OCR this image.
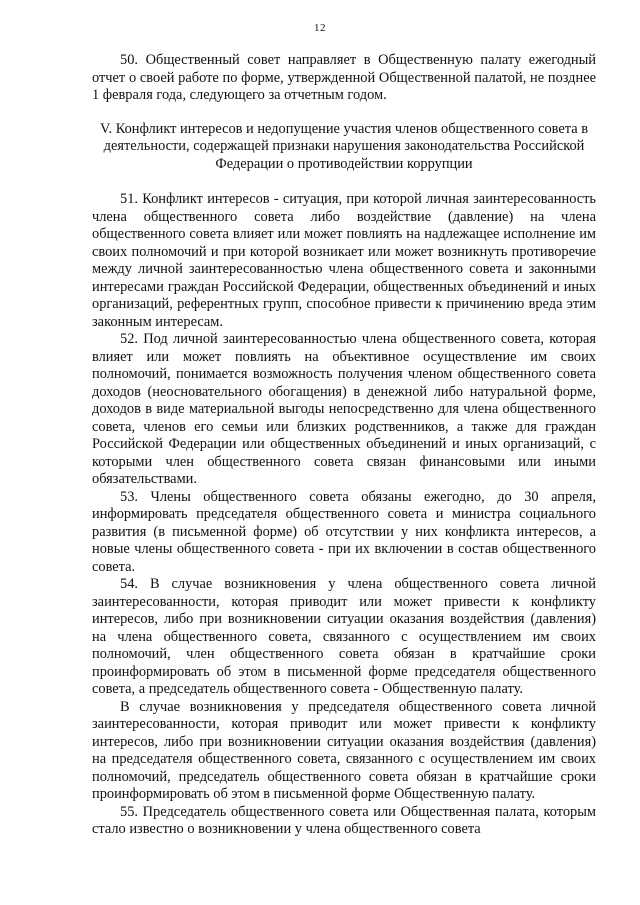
12

50. Общественный совет направляет в Общественную палату ежегодный отчет о своей работе по форме, утвержденной Общественной палатой, не позднее 1 февраля года, следующего за отчетным годом.

V. Конфликт интересов и недопущение участия членов общественного совета в деятельности, содержащей признаки нарушения законодательства Российской Федерации о противодействии коррупции

51. Конфликт интересов - ситуация, при которой личная заинтересованность члена общественного совета либо воздействие (давление) на члена общественного совета влияет или может повлиять на надлежащее исполнение им своих полномочий и при которой возникает или может возникнуть противоречие между личной заинтересованностью члена общественного совета и законными интересами граждан Российской Федерации, общественных объединений и иных организаций, референтных групп, способное привести к причинению вреда этим законным интересам.

52. Под личной заинтересованностью члена общественного совета, которая влияет или может повлиять на объективное осуществление им своих полномочий, понимается возможность получения членом общественного совета доходов (неосновательного обогащения) в денежной либо натуральной форме, доходов в виде материальной выгоды непосредственно для члена общественного совета, членов его семьи или близких родственников, а также для граждан Российской Федерации или общественных объединений и иных организаций, с которыми член общественного совета связан финансовыми или иными обязательствами.

53. Члены общественного совета обязаны ежегодно, до 30 апреля, информировать председателя общественного совета и министра социального развития (в письменной форме) об отсутствии у них конфликта интересов, а новые члены общественного совета - при их включении в состав общественного совета.

54. В случае возникновения у члена общественного совета личной заинтересованности, которая приводит или может привести к конфликту интересов, либо при возникновении ситуации оказания воздействия (давления) на члена общественного совета, связанного с осуществлением им своих полномочий, член общественного совета обязан в кратчайшие сроки проинформировать об этом в письменной форме председателя общественного совета, а председатель общественного совета - Общественную палату.

В случае возникновения у председателя общественного совета личной заинтересованности, которая приводит или может привести к конфликту интересов, либо при возникновении ситуации оказания воздействия (давления) на председателя общественного совета, связанного с осуществлением им своих полномочий, председатель общественного совета обязан в кратчайшие сроки проинформировать об этом в письменной форме Общественную палату.

55. Председатель общественного совета или Общественная палата, которым стало известно о возникновении у члена общественного совета
